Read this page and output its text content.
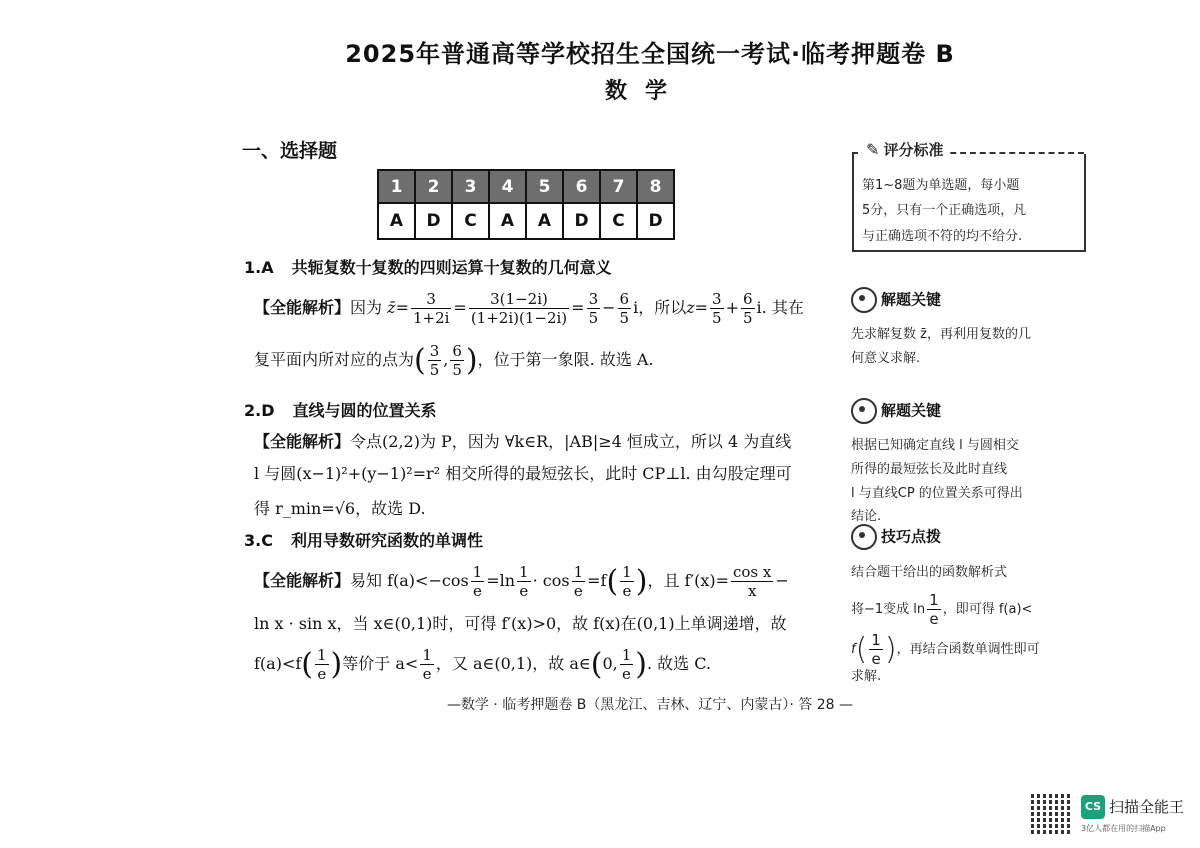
2025年普通高等学校招生全国统一考试·临考押题卷 B
数学
一、选择题
1	2	3	4	5	6	7	8
A	D	C	A	A	D	C	D
1.A 共轭复数十复数的四则运算十复数的几何意义
【全能解析】因为 z̄= $\frac{3}{1+2i} = \frac{3(1-2i)}{(1+2i)(1-2i)} = \frac{3}{5} - \frac{6}{5}$ i，所以$z= \frac{3}{5} + \frac{6}{5} i$. 其在
复平面内所对应的点为( $\frac{3}{5}$ , $\frac{6}{5}$ )，位于第一象限. 故选 A.
2.D 直线与圆的位置关系
【全能解析】令点(2,2)为 P，因为 ∀k∈R，|AB|≥4 恒成立，所以 4 为直线
l 与圆(x−1)²+(y−1)²=r² 相交所得的最短弦长，此时 CP⊥l. 由勾股定理可
得 r_min=√6，故选 D.
3.C 利用导数研究函数的单调性
【全能解析】易知 $f(a)<-\cos \frac{1}{e} =\ln \frac{1}{e} \cdot \cos \frac{1}{e} =f( \frac{1}{e}$ )，且 $f'(x)= \frac{\text{cos x}}{x}$ −
ln x · sin x，当 x∈(0,1)时，可得 f′(x)>0，故 f(x)在(0,1)上单调递增，故
$f(a)<f( \frac{1}{e}$ )等价于 $a< \frac{1}{e}$ ，又 a∈(0,1)，故 a∈(0, $\frac{1}{e}$ ). 故选 C.
✎ 评分标准
第1~8题为单选题，每小题
5分，只有一个正确选项，凡
与正确选项不符的均不给分.
解题关键
先求解复数 z̄，再利用复数的几
何意义求解.
解题关键
根据已知确定直线 l 与圆相交
所得的最短弦长及此时直线
l 与直线CP 的位置关系可得出
结论.
技巧点拨
结合题干给出的函数解析式
将−1变成 $\ln \frac{1}{e}$ ，即可得 f(a)<
$f( \frac{1}{e}$ )，再结合函数单调性即可
求解.
—数学 · 临考押题卷 B（黑龙江、吉林、辽宁、内蒙古）· 答 28 —
CS 扫描全能王
3亿人都在用的扫描App
